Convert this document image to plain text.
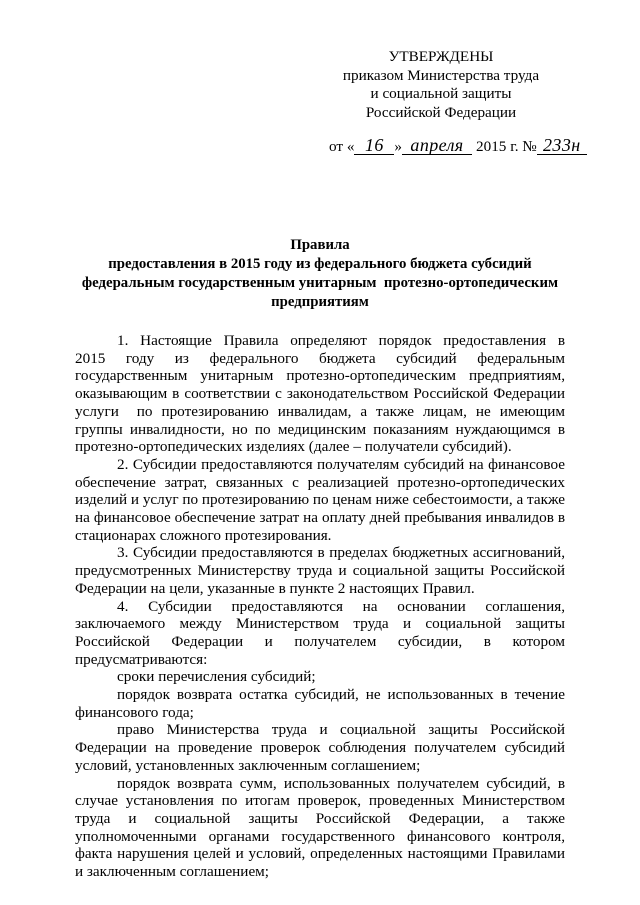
УТВЕРЖДЕНЫ
приказом Министерства труда
и социальной защиты
Российской Федерации
от « 16 » апреля 2015 г. № 233н
Правила
предоставления в 2015 году из федерального бюджета субсидий
федеральным государственным унитарным  протезно-ортопедическим
предприятиям
1. Настоящие Правила определяют порядок предоставления в
2015 году из федерального бюджета субсидий федеральным
государственным унитарным протезно-ортопедическим предприятиям,
оказывающим в соответствии с законодательством Российской Федерации
услуги  по протезированию инвалидам, а также лицам, не имеющим
группы инвалидности, но по медицинским показаниям нуждающимся в
протезно-ортопедических изделиях (далее – получатели субсидий).
2. Субсидии предоставляются получателям субсидий на финансовое
обеспечение затрат, связанных с реализацией протезно-ортопедических
изделий и услуг по протезированию по ценам ниже себестоимости, а также
на финансовое обеспечение затрат на оплату дней пребывания инвалидов в
стационарах сложного протезирования.
3. Субсидии предоставляются в пределах бюджетных ассигнований,
предусмотренных Министерству труда и социальной защиты Российской
Федерации на цели, указанные в пункте 2 настоящих Правил.
4. Субсидии предоставляются на основании соглашения,
заключаемого между Министерством труда и социальной защиты
Российской Федерации и получателем субсидии, в котором
предусматриваются:
сроки перечисления субсидий;
порядок возврата остатка субсидий, не использованных в течение
финансового года;
право Министерства труда и социальной защиты Российской
Федерации на проведение проверок соблюдения получателем субсидий
условий, установленных заключенным соглашением;
порядок возврата сумм, использованных получателем субсидий, в
случае установления по итогам проверок, проведенных Министерством
труда и социальной защиты Российской Федерации, а также
уполномоченными органами государственного финансового контроля,
факта нарушения целей и условий, определенных настоящими Правилами
и заключенным соглашением;
